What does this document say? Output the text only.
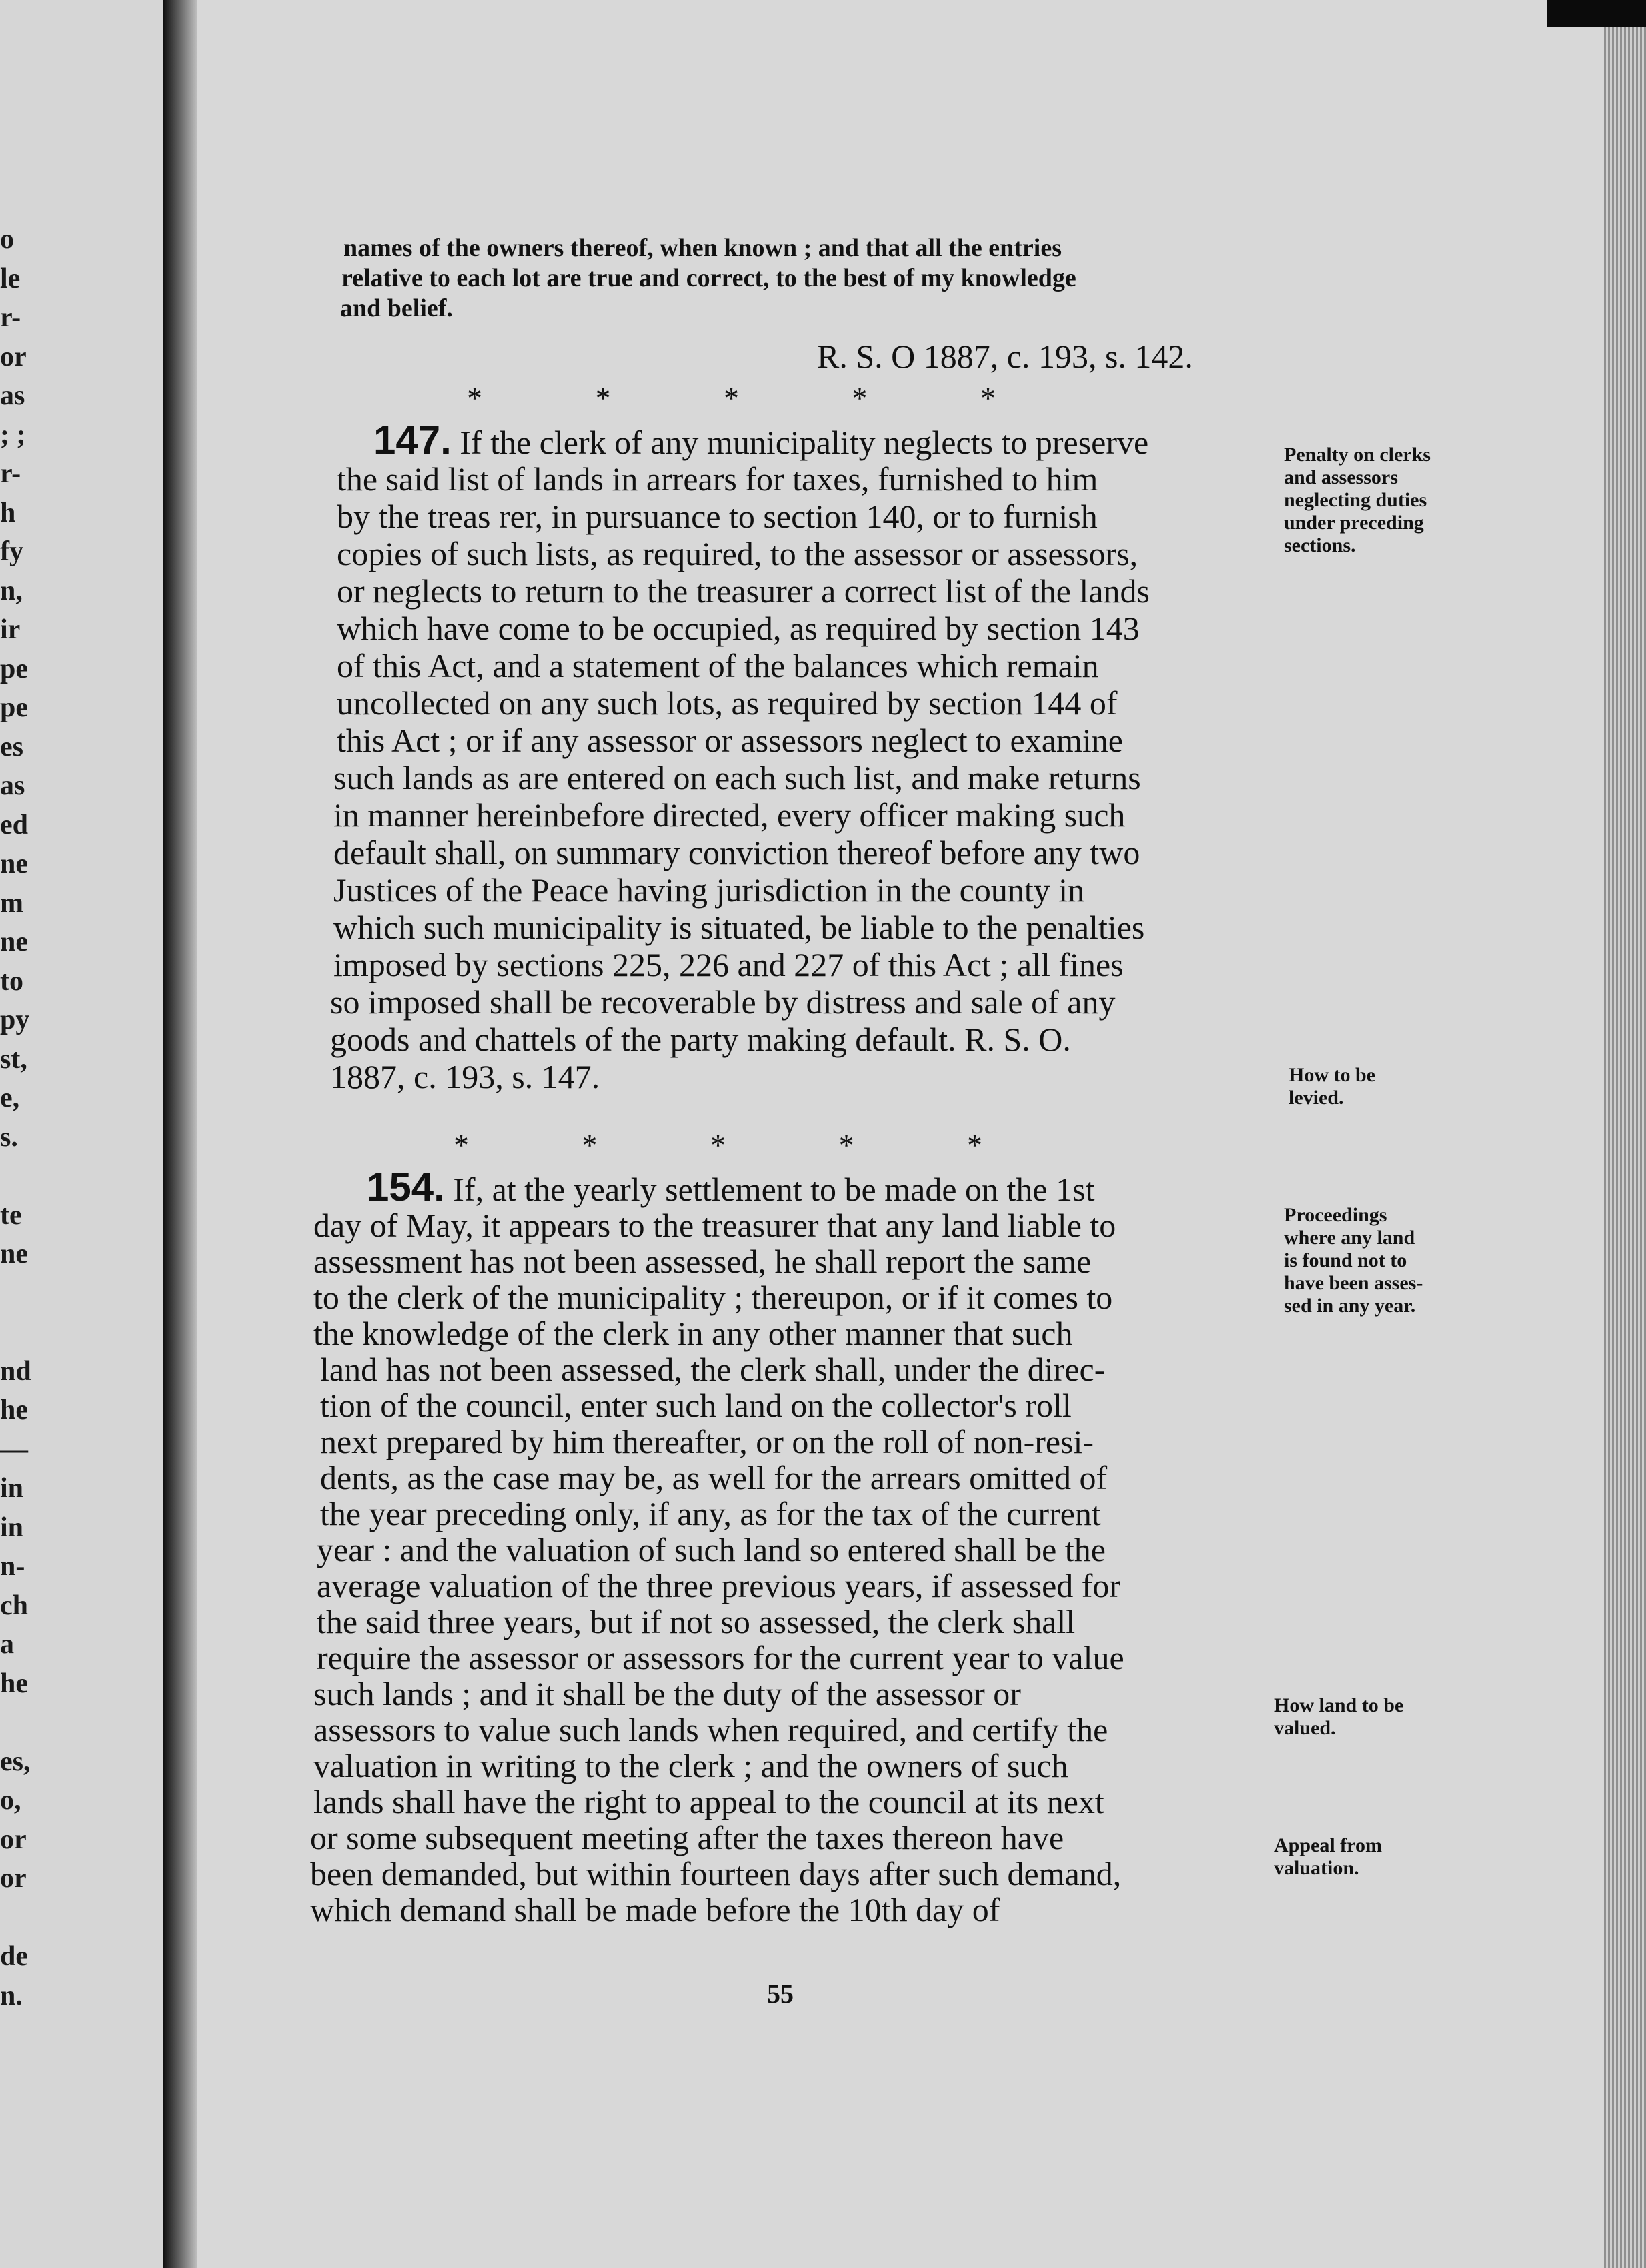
o
le
r-
or
as
; ;
r-
h
fy
n,
ir
pe
pe
es
as
ed
ne
m
ne
to
py
st,
e,
s.
te
ne
nd
he
—
in
in
n-
ch
a
he
es,
o,
or
or
de
n.
names of the owners thereof, when known ; and that all the entries
relative to each lot are true and correct, to the best of my knowledge
and belief.
R. S. O 1887, c. 193, s. 142.
* * * * *
147. If the clerk of any municipality neglects to preserve
the said list of lands in arrears for taxes, furnished to him
by the treas rer, in pursuance to section 140, or to furnish
copies of such lists, as required, to the assessor or assessors,
or neglects to return to the treasurer a correct list of the lands
which have come to be occupied, as required by section 143
of this Act, and a statement of the balances which remain
uncollected on any such lots, as required by section 144 of
this Act ; or if any assessor or assessors neglect to examine
such lands as are entered on each such list, and make returns
in manner hereinbefore directed, every officer making such
default shall, on summary conviction thereof before any two
Justices of the Peace having jurisdiction in the county in
which such municipality is situated, be liable to the penalties
imposed by sections 225, 226 and 227 of this Act ; all fines
so imposed shall be recoverable by distress and sale of any
goods and chattels of the party making default. R. S. O.
1887, c. 193, s. 147.
* * * * *
154. If, at the yearly settlement to be made on the 1st
day of May, it appears to the treasurer that any land liable to
assessment has not been assessed, he shall report the same
to the clerk of the municipality ; thereupon, or if it comes to
the knowledge of the clerk in any other manner that such
land has not been assessed, the clerk shall, under the direc-
tion of the council, enter such land on the collector's roll
next prepared by him thereafter, or on the roll of non-resi-
dents, as the case may be, as well for the arrears omitted of
the year preceding only, if any, as for the tax of the current
year : and the valuation of such land so entered shall be the
average valuation of the three previous years, if assessed for
the said three years, but if not so assessed, the clerk shall
require the assessor or assessors for the current year to value
such lands ; and it shall be the duty of the assessor or
assessors to value such lands when required, and certify the
valuation in writing to the clerk ; and the owners of such
lands shall have the right to appeal to the council at its next
or some subsequent meeting after the taxes thereon have
been demanded, but within fourteen days after such demand,
which demand shall be made before the 10th day of
Penalty on clerks
and assessors
neglecting duties
under preceding
sections.
How to be
levied.
Proceedings
where any land
is found not to
have been asses-
sed in any year.
How land to be
valued.
Appeal from
valuation.
55
